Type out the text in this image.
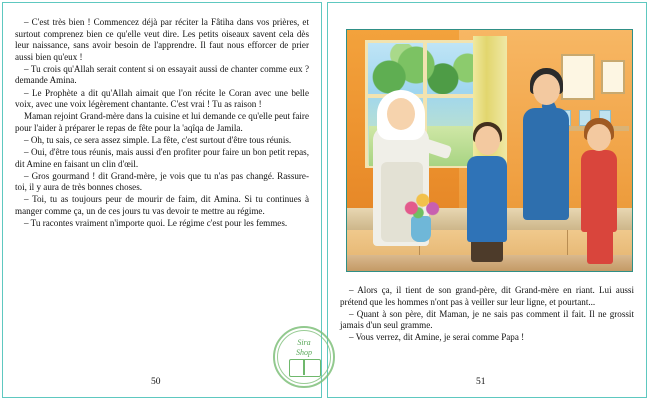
– C'est très bien ! Commencez déjà par réciter la Fâtiha dans vos prières, et surtout comprenez bien ce qu'elle veut dire. Les petits oiseaux savent cela dès leur naissance, sans avoir besoin de l'apprendre. Il faut nous efforcer de prier aussi bien qu'eux !

– Tu crois qu'Allah serait content si on essayait aussi de chanter comme eux ? demande Amina.

– Le Prophète a dit qu'Allah aimait que l'on récite le Coran avec une belle voix, avec une voix légèrement chantante. C'est vrai ! Tu as raison !

Maman rejoint Grand-mère dans la cuisine et lui demande ce qu'elle peut faire pour l'aider à préparer le repas de fête pour la 'aqîqa de Jamila.

– Oh, tu sais, ce sera assez simple. La fête, c'est surtout d'être tous réunis.

– Oui, d'être tous réunis, mais aussi d'en profiter pour faire un bon petit repas, dit Amine en faisant un clin d'œil.

– Gros gourmand ! dit Grand-mère, je vois que tu n'as pas changé. Rassure-toi, il y aura de très bonnes choses.

– Toi, tu as toujours peur de mourir de faim, dit Amina. Si tu continues à manger comme ça, un de ces jours tu vas devoir te mettre au régime.

– Tu racontes vraiment n'importe quoi. Le régime c'est pour les femmes.

50

– Alors ça, il tient de son grand-père, dit Grand-mère en riant. Lui aussi prétend que les hommes n'ont pas à veiller sur leur ligne, et pourtant...

– Quant à son père, dit Maman, je ne sais pas comment il fait. Il ne grossit jamais d'un seul gramme.

– Vous verrez, dit Amine, je serai comme Papa !

51
Sira
Shop
